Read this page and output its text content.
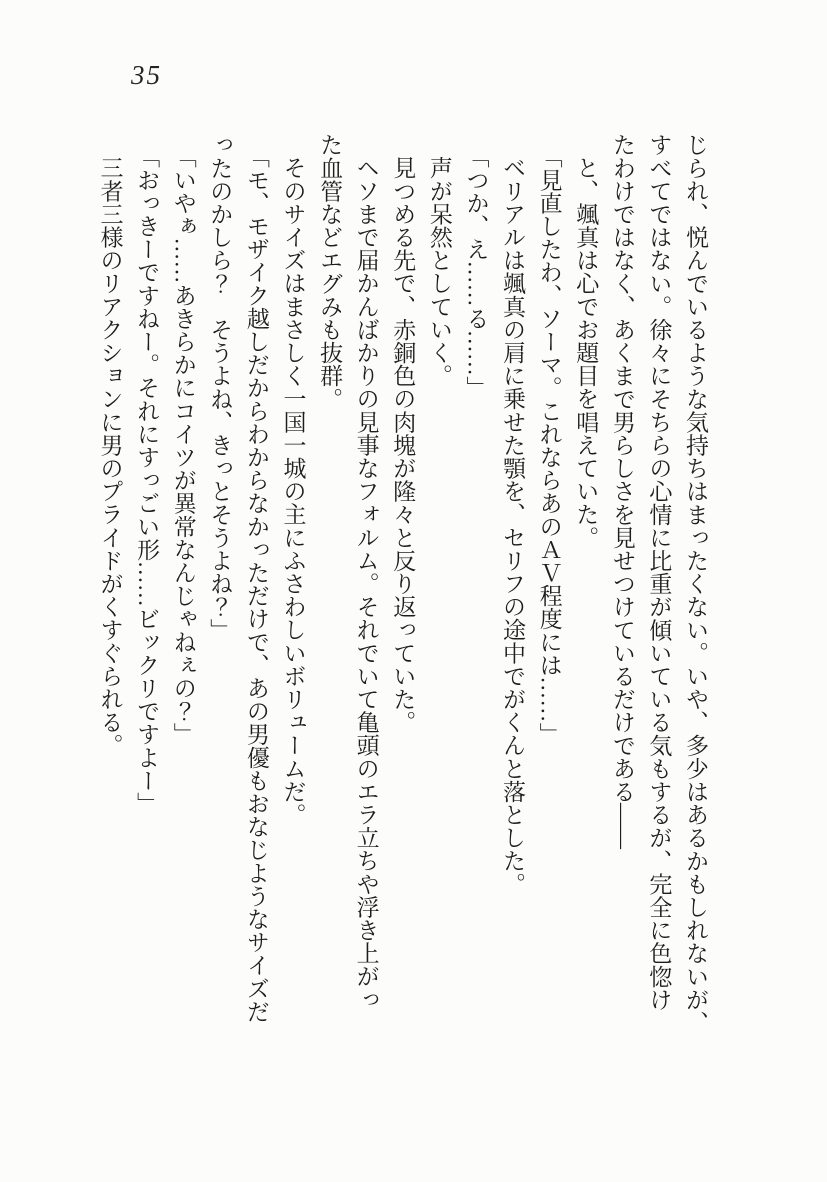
35
じられ、悦んでいるような気持ちはまったくない。いや、多少はあるかもしれないが、
すべてではない。徐々にそちらの心情に比重が傾いている気もするが、完全に色惚け
たわけではなく、あくまで男らしさを見せつけているだけである――
と、颯真は心でお題目を唱えていた。
「見直したわ、ソーマ。これならあのＡＶ程度には……」
ベリアルは颯真の肩に乗せた顎を、セリフの途中でがくんと落とした。
「つか、え……る……」
声が呆然としていく。
見つめる先で、赤銅色の肉塊が隆々と反り返っていた。
ヘソまで届かんばかりの見事なフォルム。それでいて亀頭のエラ立ちや浮き上がっ
た血管などエグみも抜群。
そのサイズはまさしく一国一城の主にふさわしいボリュームだ。
「モ、モザイク越しだからわからなかっただけで、あの男優もおなじようなサイズだ
ったのかしら？　そうよね、きっとそうよね？」
「いやぁ……あきらかにコイツが異常なんじゃねぇの？」
「おっきーですねー。それにすっごい形……ビックリですよー」
三者三様のリアクションに男のプライドがくすぐられる。
